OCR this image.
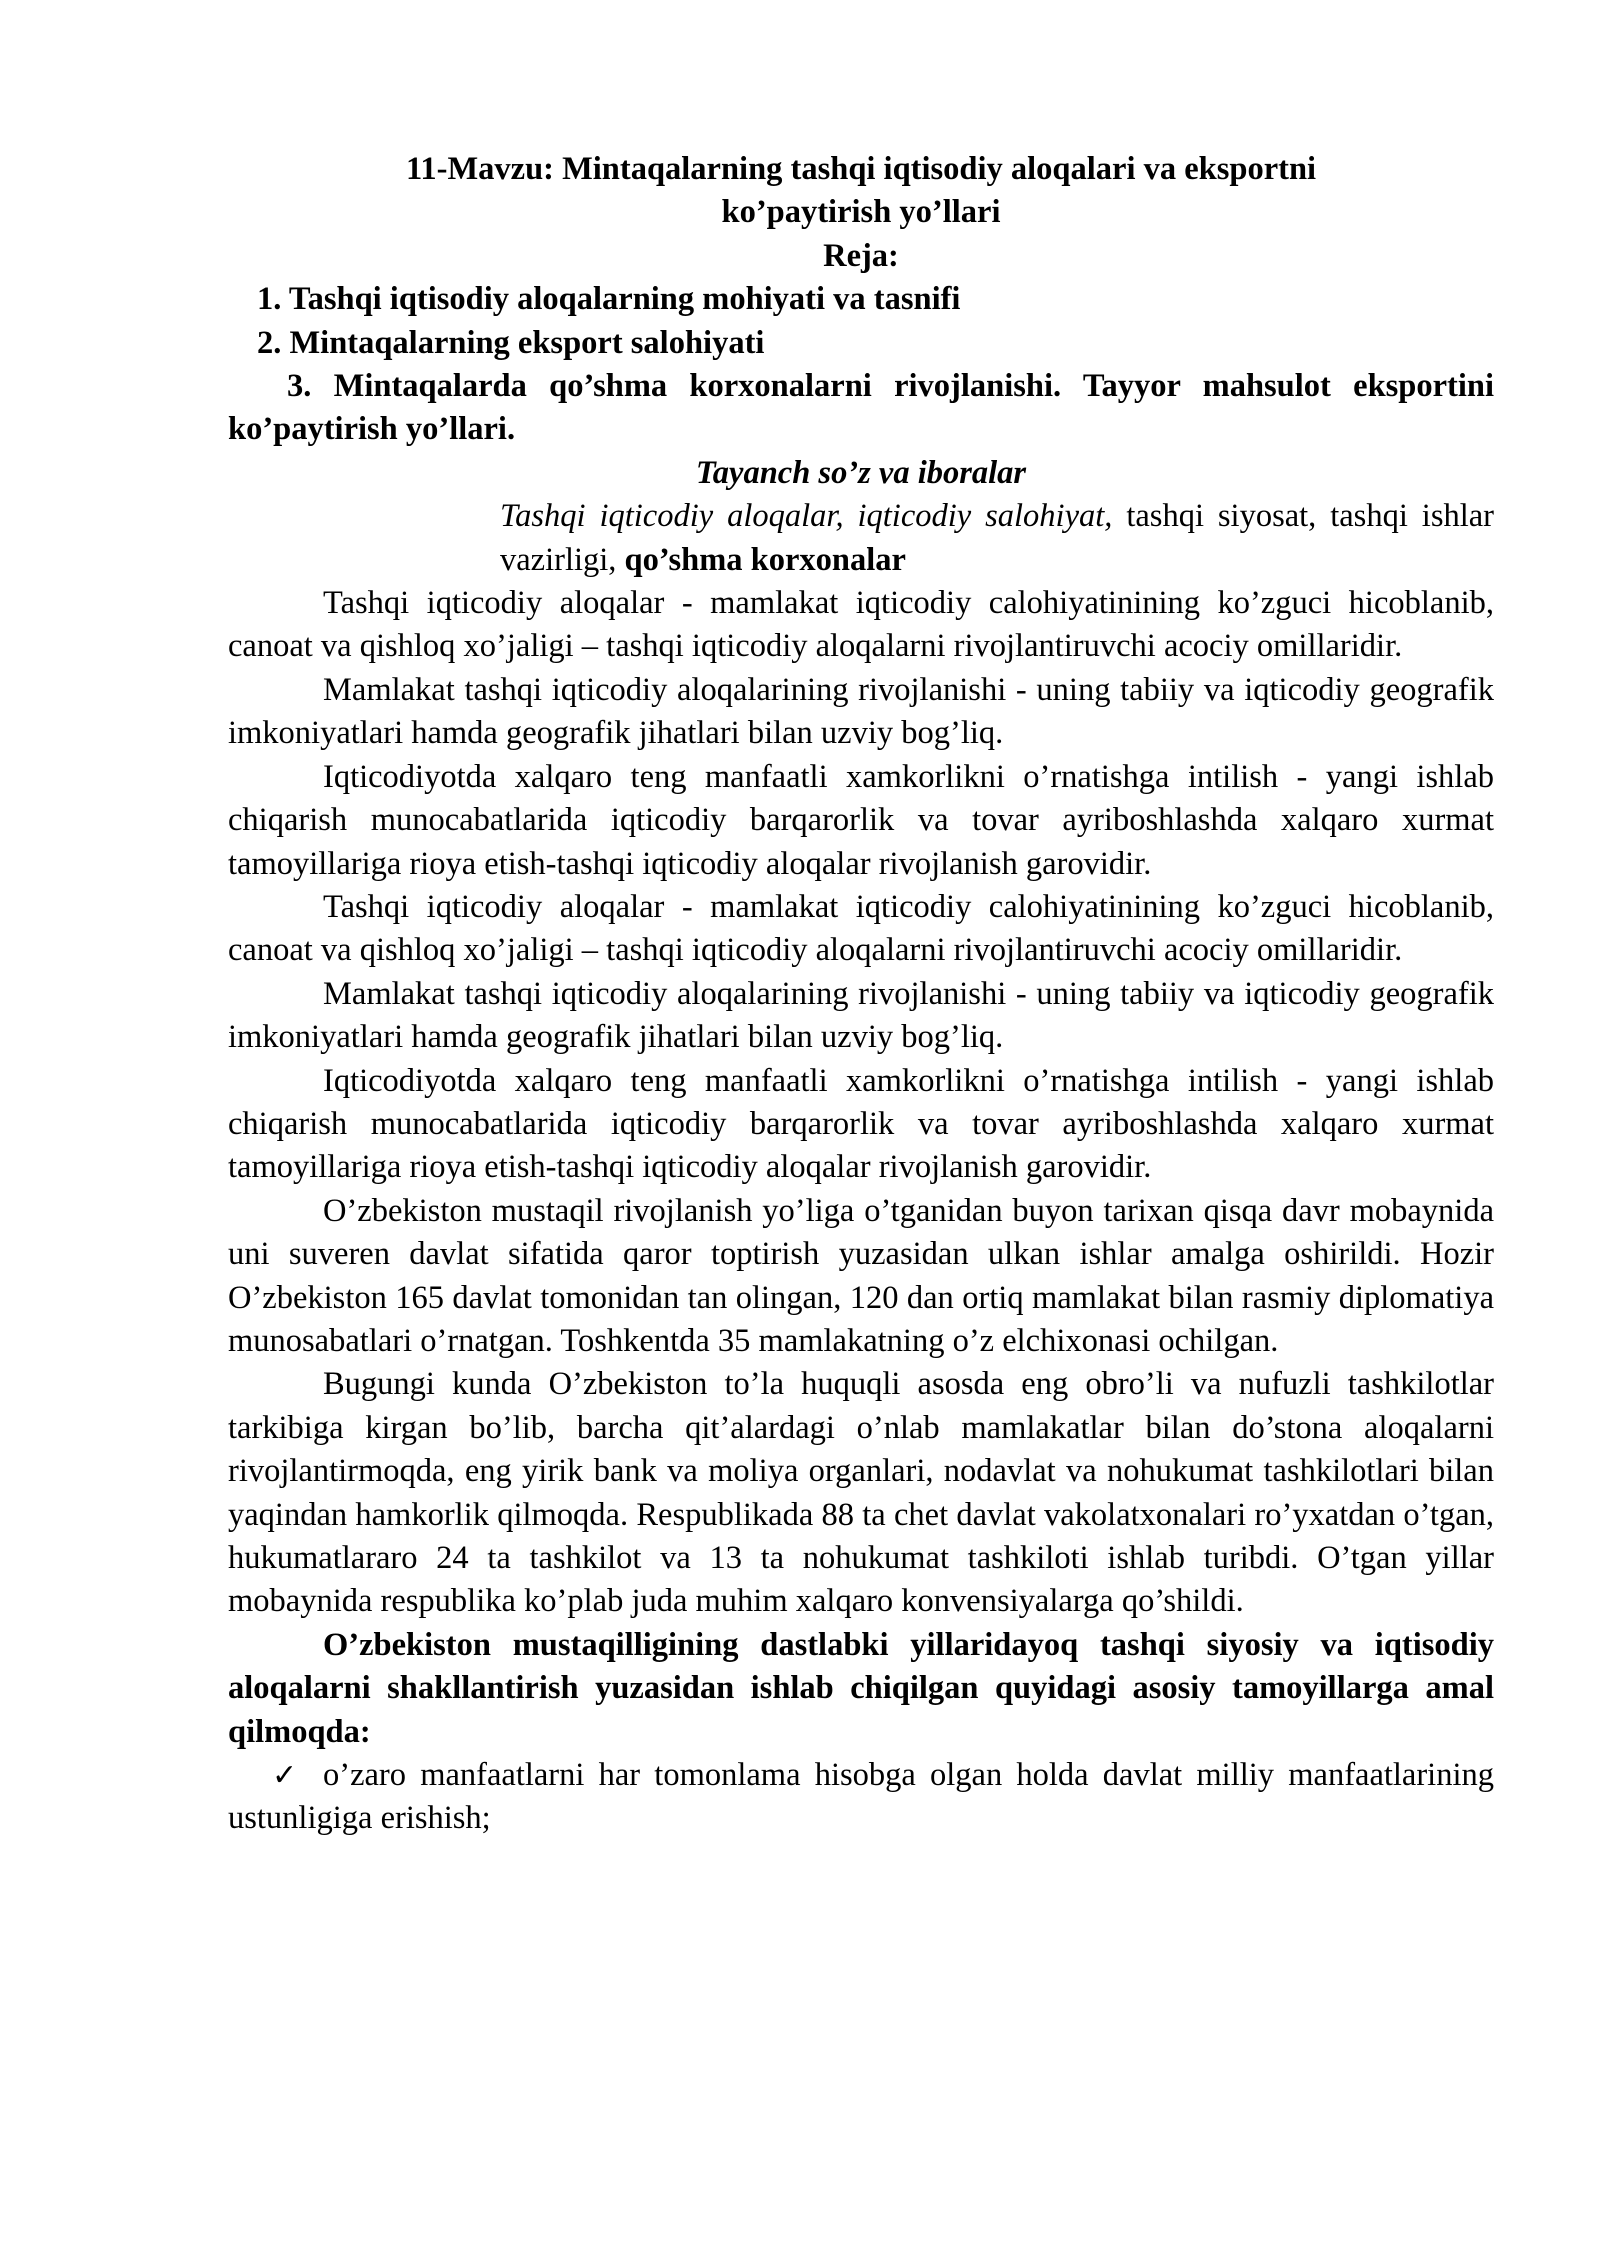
11-Mavzu: Mintaqalarning tashqi iqtisodiy aloqalari va eksportni
ko’paytirish yo’llari
Reja:
1. Tashqi iqtisodiy aloqalarning mohiyati va tasnifi
2. Mintaqalarning eksport salohiyati
3. Mintaqalarda qo’shma korxonalarni rivojlanishi. Tayyor mahsulot eksportini ko’paytirish yo’llari.
Tayanch so’z va iboralar
Tashqi iqticodiy aloqalar, iqticodiy salohiyat, tashqi siyosat, tashqi ishlar vazirligi, qo’shma korxonalar
Tashqi iqticodiy aloqalar - mamlakat iqticodiy calohiyatinining ko’zguci hicoblanib, canoat va qishloq xo’jaligi – tashqi iqticodiy aloqalarni rivojlantiruvchi acociy omillaridir.
Mamlakat tashqi iqticodiy aloqalarining rivojlanishi - uning tabiiy va iqticodiy geografik imkoniyatlari hamda geografik jihatlari bilan uzviy bog’liq.
Iqticodiyotda xalqaro teng manfaatli xamkorlikni o’rnatishga intilish - yangi ishlab chiqarish munocabatlarida iqticodiy barqarorlik va tovar ayriboshlashda xalqaro xurmat tamoyillariga rioya etish-tashqi iqticodiy aloqalar rivojlanish garovidir.
Tashqi iqticodiy aloqalar - mamlakat iqticodiy calohiyatinining ko’zguci hicoblanib, canoat va qishloq xo’jaligi – tashqi iqticodiy aloqalarni rivojlantiruvchi acociy omillaridir.
Mamlakat tashqi iqticodiy aloqalarining rivojlanishi - uning tabiiy va iqticodiy geografik imkoniyatlari hamda geografik jihatlari bilan uzviy bog’liq.
Iqticodiyotda xalqaro teng manfaatli xamkorlikni o’rnatishga intilish - yangi ishlab chiqarish munocabatlarida iqticodiy barqarorlik va tovar ayriboshlashda xalqaro xurmat tamoyillariga rioya etish-tashqi iqticodiy aloqalar rivojlanish garovidir.
O’zbekiston mustaqil rivojlanish yo’liga o’tganidan buyon tarixan qisqa davr mobaynida uni suveren davlat sifatida qaror toptirish yuzasidan ulkan ishlar amalga oshirildi. Hozir O’zbekiston 165 davlat tomonidan tan olingan, 120 dan ortiq mamlakat bilan rasmiy diplomatiya munosabatlari o’rnatgan. Toshkentda 35 mamlakatning o’z elchixonasi ochilgan.
Bugungi kunda O’zbekiston to’la huquqli asosda eng obro’li va nufuzli tashkilotlar tarkibiga kirgan bo’lib, barcha qit’alardagi o’nlab mamlakatlar bilan do’stona aloqalarni rivojlantirmoqda, eng yirik bank va moliya organlari, nodavlat va nohukumat tashkilotlari bilan yaqindan hamkorlik qilmoqda. Respublikada 88 ta chet davlat vakolatxonalari ro’yxatdan o’tgan, hukumatlararo 24 ta tashkilot va 13 ta nohukumat tashkiloti ishlab turibdi. O’tgan yillar mobaynida respublika ko’plab juda muhim xalqaro konvensiyalarga qo’shildi.
O’zbekiston mustaqilligining dastlabki yillaridayoq tashqi siyosiy va iqtisodiy aloqalarni shakllantirish yuzasidan ishlab chiqilgan quyidagi asosiy tamoyillarga amal qilmoqda:
✓ o’zaro manfaatlarni har tomonlama hisobga olgan holda davlat milliy manfaatlarining ustunligiga erishish;
